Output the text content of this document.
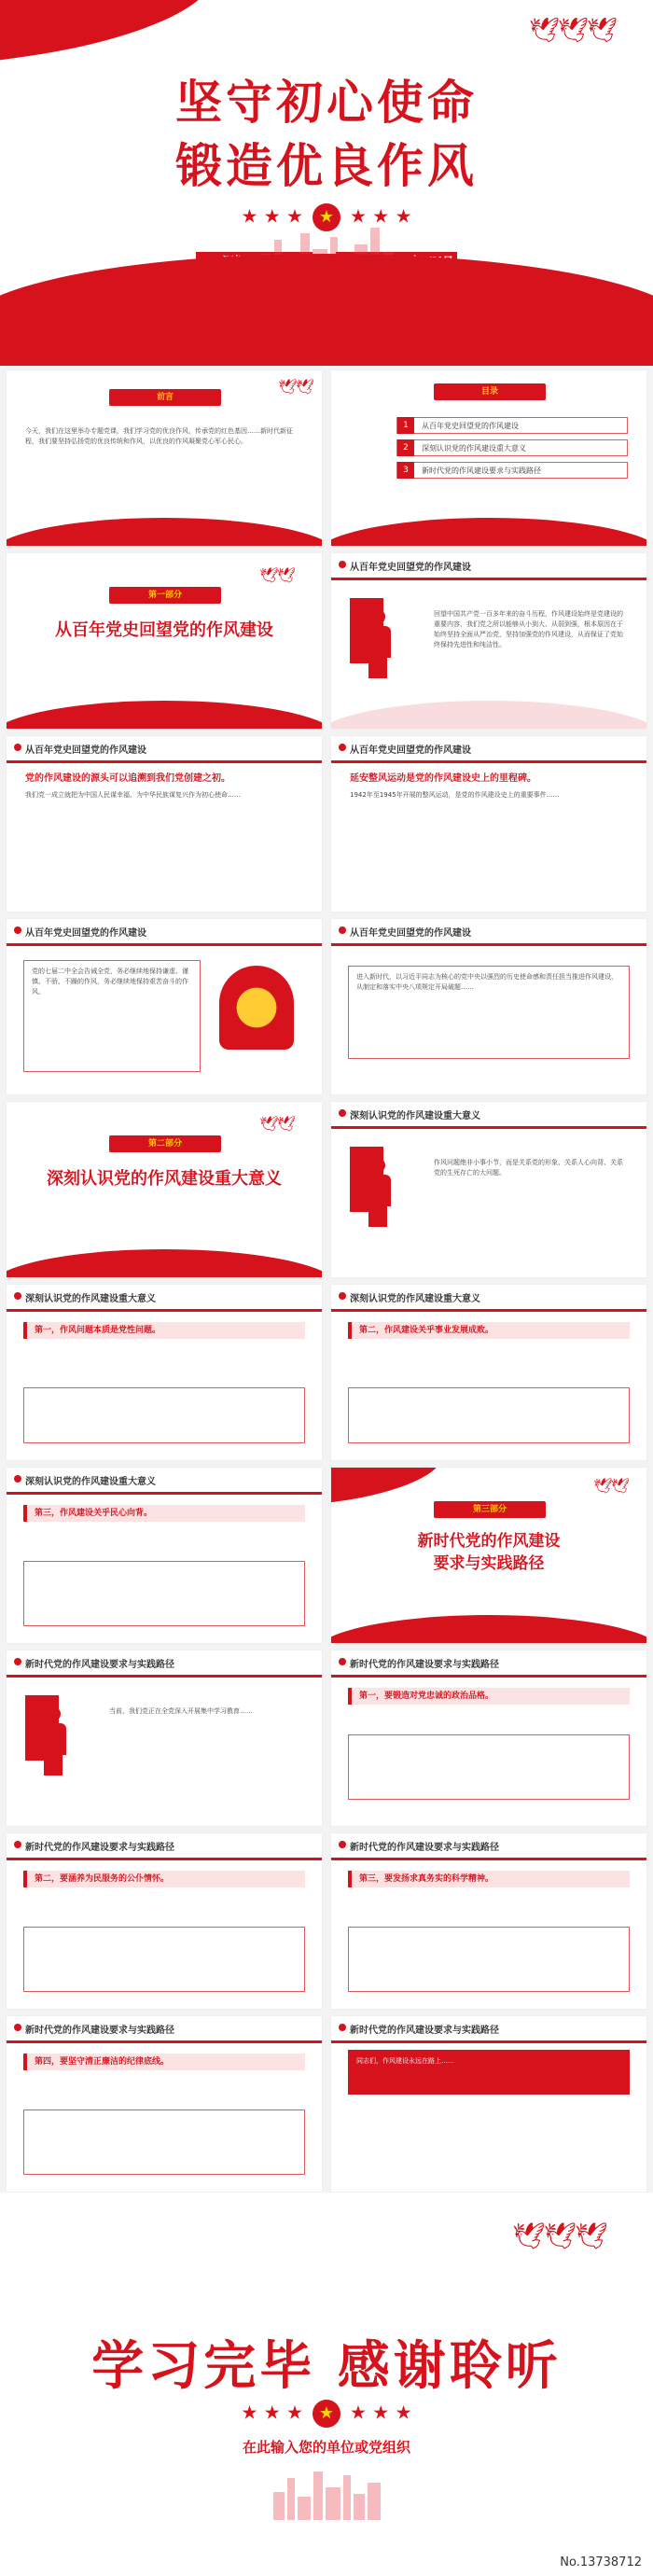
🕊🕊🕊
坚守初心使命
锻造优良作风
★ ★ ★ ★ ★ ★ ★
🕊🕊
前言
今天，我们在这里举办专题党课，我们学习党的优良作风，传承党的红色基因……新时代新征程，我们要坚持弘扬党的优良传统和作风，以优良的作风凝聚党心军心民心。
目录
1	从百年党史回望党的作风建设
2	深刻认识党的作风建设重大意义
3	新时代党的作风建设要求与实践路径
🕊🕊
第一部分
从百年党史回望党的作风建设
从百年党史回望党的作风建设
回望中国共产党一百多年来的奋斗历程，作风建设始终是党建设的重要内容，我们党之所以能够从小到大、从弱到强，根本原因在于始终坚持全面从严治党，坚持加强党的作风建设，从而保证了党始终保持先进性和纯洁性。
从百年党史回望党的作风建设
党的作风建设的源头可以追溯到我们党创建之初。
我们党一成立就把为中国人民谋幸福、为中华民族谋复兴作为初心使命……
从百年党史回望党的作风建设
延安整风运动是党的作风建设史上的里程碑。
1942年至1945年开展的整风运动，是党的作风建设史上的重要事件……
从百年党史回望党的作风建设
党的七届二中全会告诫全党，务必继续地保持谦虚、谨慎、不骄、不躁的作风，务必继续地保持艰苦奋斗的作风。
从百年党史回望党的作风建设
进入新时代，以习近平同志为核心的党中央以强烈的历史使命感和责任担当推进作风建设，从制定和落实中央八项规定开局破题……
🕊🕊
第二部分
深刻认识党的作风建设重大意义
深刻认识党的作风建设重大意义
作风问题绝非小事小节，而是关系党的形象、关系人心向背、关系党的生死存亡的大问题。
深刻认识党的作风建设重大意义
第一，作风问题本质是党性问题。
深刻认识党的作风建设重大意义
第二，作风建设关乎事业发展成败。
深刻认识党的作风建设重大意义
第三，作风建设关乎民心向背。
🕊🕊
第三部分
新时代党的作风建设
要求与实践路径
新时代党的作风建设要求与实践路径
当前，我们党正在全党深入开展集中学习教育……
新时代党的作风建设要求与实践路径
第一，要锻造对党忠诚的政治品格。
新时代党的作风建设要求与实践路径
第二，要涵养为民服务的公仆情怀。
新时代党的作风建设要求与实践路径
第三，要发扬求真务实的科学精神。
新时代党的作风建设要求与实践路径
第四，要坚守清正廉洁的纪律底线。
新时代党的作风建设要求与实践路径
同志们，作风建设永远在路上……
🕊🕊🕊
学习完毕 感谢聆听
★ ★ ★ ★ ★ ★ ★
在此输入您的单位或党组织
No.13738712
